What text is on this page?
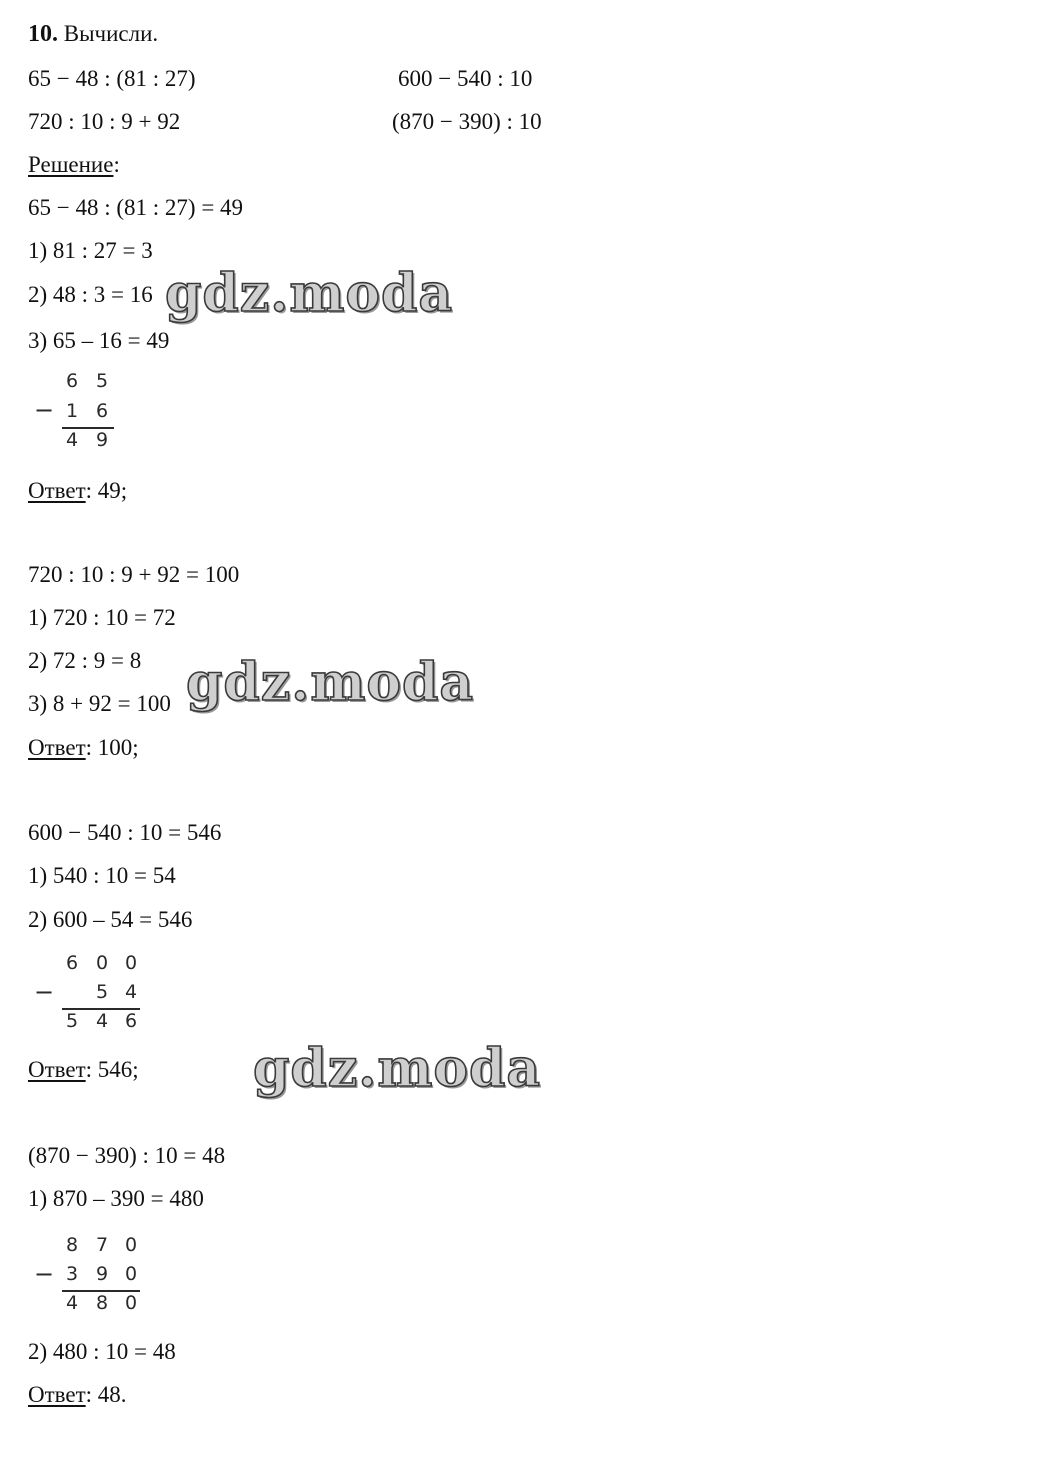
10. Вычисли.
65 − 48 : (81 : 27)	600 − 540 : 10
720 : 10 : 9 + 92	(870 − 390) : 10
Решение:
65 − 48 : (81 : 27) = 49
1) 81 : 27 = 3
2) 48 : 3 = 16
3) 65 – 16 = 49
6 5
− 1 6
4 9
Ответ: 49;
720 : 10 : 9 + 92 = 100
1) 720 : 10 = 72
2) 72 : 9 = 8
3) 8 + 92 = 100
Ответ: 100;
600 − 540 : 10 = 546
1) 540 : 10 = 54
2) 600 – 54 = 546
6 0 0
− 5 4
5 4 6
Ответ: 546;
(870 − 390) : 10 = 48
1) 870 – 390 = 480
8 7 0
− 3 9 0
4 8 0
2) 480 : 10 = 48
Ответ: 48.
gdz.moda
gdz.moda
gdz.moda
